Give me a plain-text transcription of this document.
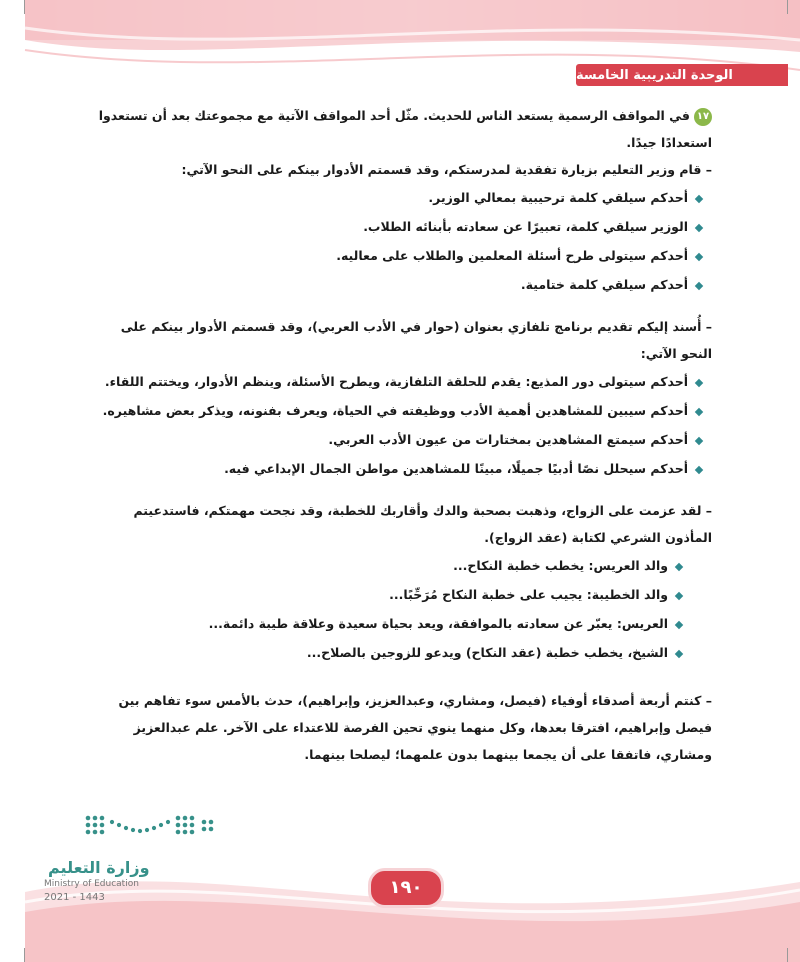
الوحدة التدريبية الخامسة

١٧في المواقف الرسمية يستعد الناس للحديث. مثّل أحد المواقف الآتية مع مجموعتك بعد أن تستعدوا استعدادًا جيدًا.

– قام وزير التعليم بزيارة تفقدية لمدرستكم، وقد قسمتم الأدوار بينكم على النحو الآتي:

أحدكم سيلقي كلمة ترحيبية بمعالي الوزير.
الوزير سيلقي كلمة، تعبيرًا عن سعادته بأبنائه الطلاب.
أحدكم سيتولى طرح أسئلة المعلمين والطلاب على معاليه.
أحدكم سيلقي كلمة ختامية.

– أُسند إليكم تقديم برنامج تلفازي بعنوان (حوار في الأدب العربي)، وقد قسمتم الأدوار بينكم على النحو الآتي:

أحدكم سيتولى دور المذيع: يقدم للحلقة التلفازية، ويطرح الأسئلة، وينظم الأدوار، ويختتم اللقاء.
أحدكم سيبين للمشاهدين أهمية الأدب ووظيفته في الحياة، ويعرف بفنونه، ويذكر بعض مشاهيره.
أحدكم سيمتع المشاهدين بمختارات من عيون الأدب العربي.
أحدكم سيحلل نصًا أدبيًا جميلًا، مبينًا للمشاهدين مواطن الجمال الإبداعي فيه.

– لقد عزمت على الزواج، وذهبت بصحبة والدك وأقاربك للخطبة، وقد نجحت مهمتكم، فاستدعيتم المأذون الشرعي لكتابة (عقد الزواج).

والد العريس: يخطب خطبة النكاح...
والد الخطيبة: يجيب على خطبة النكاح مُرَحِّبًا...
العريس: يعبّر عن سعادته بالموافقة، ويعد بحياة سعيدة وعلاقة طيبة دائمة...
الشيخ، يخطب خطبة (عقد النكاح) ويدعو للزوجين بالصلاح...

– كنتم أربعة أصدقاء أوفياء (فيصل، ومشاري، وعبدالعزيز، وإبراهيم)، حدث بالأمس سوء تفاهم بين فيصل وإبراهيم، افترقا بعدها، وكل منهما ينوي تحين الفرصة للاعتداء على الآخر. علم عبدالعزيز ومشاري، فاتفقا على أن يجمعا بينهما بدون علمهما؛ ليصلحا بينهما.

وزارة التعليم
Ministry of Education
2021 - 1443	١٩٠
